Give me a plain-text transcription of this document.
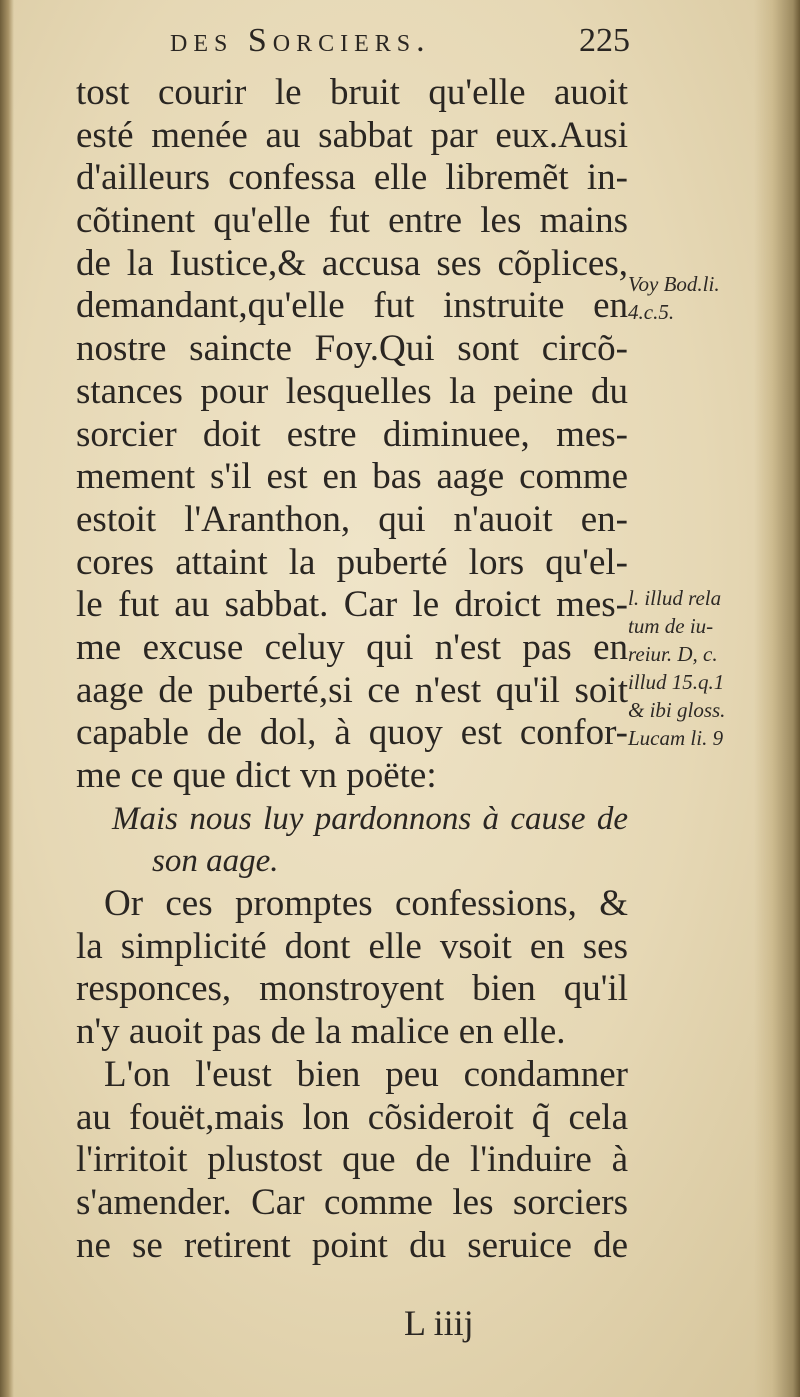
des Sorciers.	225
tost courir le bruit qu'elle auoit
esté menée au sabbat par eux.Ausi
d'ailleurs confessa elle libremẽt in-
cõtinent qu'elle fut entre les mains
de la Iustice,& accusa ses cõplices,
demandant,qu'elle fut instruite en
nostre saincte Foy.Qui sont circõ-
stances pour lesquelles la peine du
sorcier doit estre diminuee, mes-
mement s'il est en bas aage comme
estoit l'Aranthon, qui n'auoit en-
cores attaint la puberté lors qu'el-
le fut au sabbat. Car le droict mes-
me excuse celuy qui n'est pas en
aage de puberté,si ce n'est qu'il soit
capable de dol, à quoy est confor-
me ce que dict vn poëte:
Mais nous luy pardonnons à cause de
son aage.
Or ces promptes confessions, &
la simplicité dont elle vsoit en ses
responces, monstroyent bien qu'il
n'y auoit pas de la malice en elle.
L'on l'eust bien peu condamner
au fouët,mais lon cõsideroit q̃ cela
l'irritoit plustost que de l'induire à
s'amender. Car comme les sorciers
ne se retirent point du seruice de
Voy Bod.li.
4.c.5.
l. illud rela
tum de iu-
reiur. D, c.
illud 15.q.1
& ibi gloss.
Lucam li. 9
L iiij
